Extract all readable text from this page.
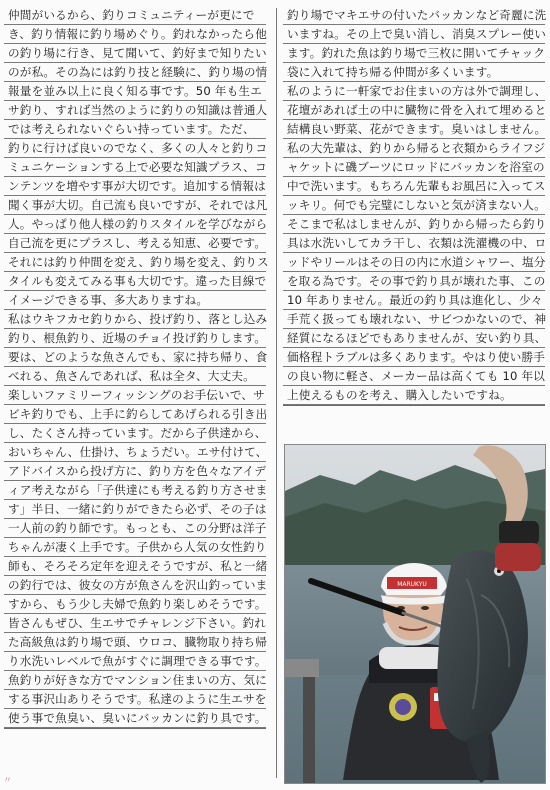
仲間がいるから、釣りコミュニティーが更にで
き、釣り情報に釣り場めぐり。釣れなかったら他
の釣り場に行き、見て聞いて、釣好まで知りたい
のが私。その為には釣り技と経験に、釣り場の情
報量を並み以上に良く知る事です。50 年も生エ
サ釣り、すれば当然のように釣りの知識は普通人
では考えられないぐらい持っています。ただ、
釣りに行けば良いのでなく、多くの人々と釣りコ
ミュニケーションする上で必要な知識プラス、コ
ンテンツを増やす事が大切です。追加する情報は
聞く事が大切。自己流も良いですが、それでは凡
人。やっぱり他人様の釣りスタイルを学びながら
自己流を更にプラスし、考える知恵、必要です。
それには釣り仲間を変え、釣り場を変え、釣りス
タイルも変えてみる事も大切です。違った目線で
イメージできる事、多大ありますね。
私はウキフカセ釣りから、投げ釣り、落とし込み
釣り、根魚釣り、近場のチョイ投げ釣りします。
要は、どのような魚さんでも、家に持ち帰り、食
べれる、魚さんであれば、私は全タ、大丈夫。
楽しいファミリーフィッシングのお手伝いで、サ
ビキ釣りでも、上手に釣らしてあげられる引き出
し、たくさん持っています。だから子供達から、
おいちゃん、仕掛け、ちょうだい。エサ付けて、
アドバイスから投げ方に、釣り方を色々なアイデ
ィア考えながら「子供達にも考える釣り方させま
す」半日、一緒に釣りができたら必ず、その子は
一人前の釣り師です。もっとも、この分野は洋子
ちゃんが凄く上手です。子供から人気の女性釣り
師も、そろそろ定年を迎えそうですが、私と一緒
の釣行では、彼女の方が魚さんを沢山釣っていま
すから、もう少し夫婦で魚釣り楽しめそうです。
皆さんもぜひ、生エサでチャレンジ下さい。釣れ
た高級魚は釣り場で頭、ウロコ、臓物取り持ち帰
り水洗いレベルで魚がすぐに調理できる事です。
魚釣りが好きな方でマンション住まいの方、気に
する事沢山ありそうです。私達のように生エサを
使う事で魚臭い、臭いにバッカンに釣り具です。

釣り場でマキエサの付いたバッカンなど奇麗に洗
いますね。その上で臭い消し、消臭スプレー使い
ます。釣れた魚は釣り場で三枚に開いてチャック
袋に入れて持ち帰る仲間が多くいます。
私のように一軒家でお住まいの方は外で調理し、
花壇があれば土の中に臓物に骨を入れて埋めると
結構良い野菜、花ができます。臭いはしません。
私の大先輩は、釣りから帰ると衣類からライフジ
ャケットに磯ブーツにロッドにバッカンを浴室の
中で洗います。もちろん先輩もお風呂に入ってス
ッキリ。何でも完璧にしないと気が済まない人。
そこまで私はしませんが、釣りから帰ったら釣り
具は水洗いしてカラ干し、衣類は洗濯機の中、ロ
ッドやリールはその日の内に水道シャワー、塩分
を取る為です。その事で釣り具が壊れた事、この
10 年ありません。最近の釣り具は進化し、少々
手荒く扱っても壊れない、サビつかないので、神
経質になるほどでもありませんが、安い釣り具、
価格程トラブルは多くあります。やはり使い勝手
の良い物に軽さ、メーカー品は高くても 10 年以
上使えるものを考え、購入したいですね。

MARUKYU
〃
